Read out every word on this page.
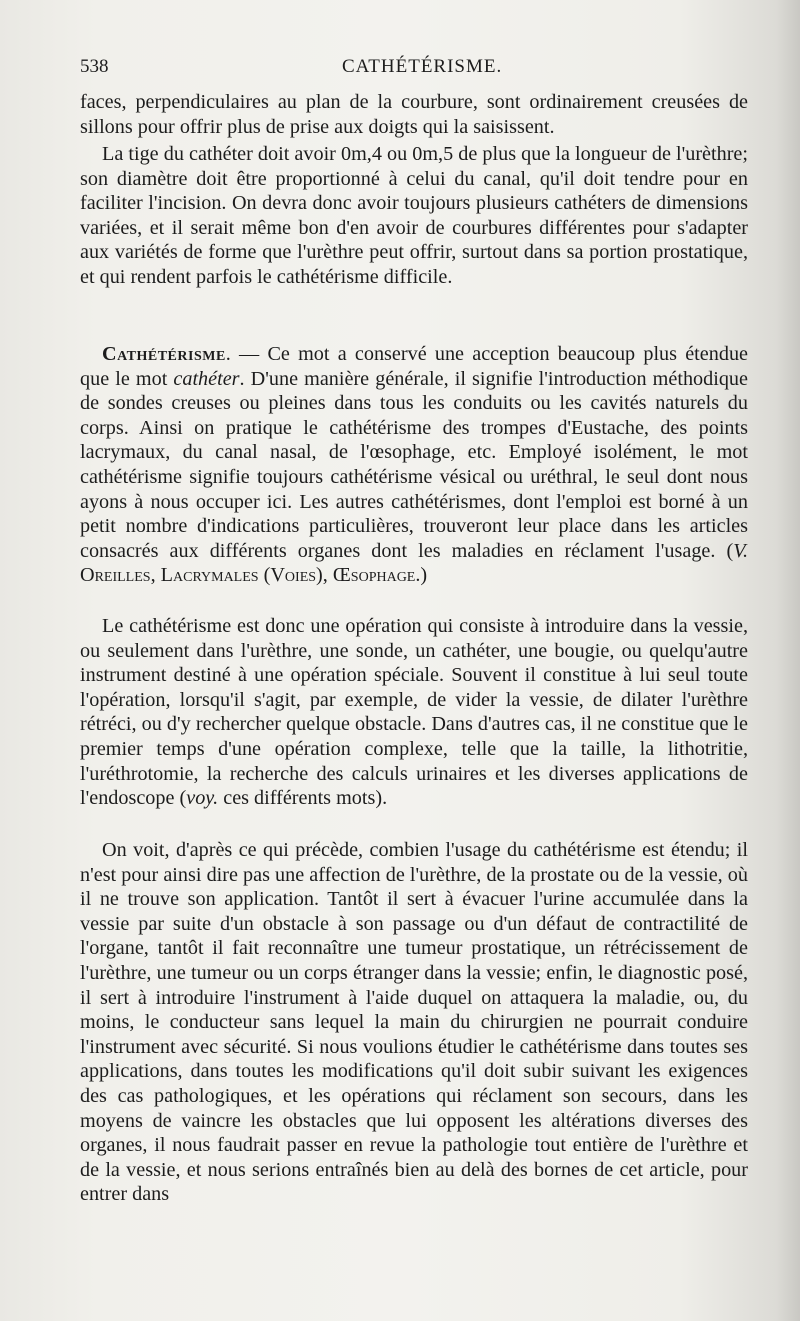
538	CATHÉTÉRISME.

faces, perpendiculaires au plan de la courbure, sont ordinairement creusées de sillons pour offrir plus de prise aux doigts qui la saisissent.

La tige du cathéter doit avoir 0m,4 ou 0m,5 de plus que la longueur de l'urèthre; son diamètre doit être proportionné à celui du canal, qu'il doit tendre pour en faciliter l'incision. On devra donc avoir toujours plusieurs cathéters de dimensions variées, et il serait même bon d'en avoir de courbures différentes pour s'adapter aux variétés de forme que l'urèthre peut offrir, surtout dans sa portion prostatique, et qui rendent parfois le cathétérisme difficile.

Cathétérisme. — Ce mot a conservé une acception beaucoup plus étendue que le mot cathéter. D'une manière générale, il signifie l'introduction méthodique de sondes creuses ou pleines dans tous les conduits ou les cavités naturels du corps. Ainsi on pratique le cathétérisme des trompes d'Eustache, des points lacrymaux, du canal nasal, de l'œsophage, etc. Employé isolément, le mot cathétérisme signifie toujours cathétérisme vésical ou uréthral, le seul dont nous ayons à nous occuper ici. Les autres cathétérismes, dont l'emploi est borné à un petit nombre d'indications particulières, trouveront leur place dans les articles consacrés aux différents organes dont les maladies en réclament l'usage. (V. Oreilles, Lacrymales (Voies), Œsophage.)

Le cathétérisme est donc une opération qui consiste à introduire dans la vessie, ou seulement dans l'urèthre, une sonde, un cathéter, une bougie, ou quelqu'autre instrument destiné à une opération spéciale. Souvent il constitue à lui seul toute l'opération, lorsqu'il s'agit, par exemple, de vider la vessie, de dilater l'urèthre rétréci, ou d'y rechercher quelque obstacle. Dans d'autres cas, il ne constitue que le premier temps d'une opération complexe, telle que la taille, la lithotritie, l'uréthrotomie, la recherche des calculs urinaires et les diverses applications de l'endoscope (voy. ces différents mots).

On voit, d'après ce qui précède, combien l'usage du cathétérisme est étendu; il n'est pour ainsi dire pas une affection de l'urèthre, de la prostate ou de la vessie, où il ne trouve son application. Tantôt il sert à évacuer l'urine accumulée dans la vessie par suite d'un obstacle à son passage ou d'un défaut de contractilité de l'organe, tantôt il fait reconnaître une tumeur prostatique, un rétrécissement de l'urèthre, une tumeur ou un corps étranger dans la vessie; enfin, le diagnostic posé, il sert à introduire l'instrument à l'aide duquel on attaquera la maladie, ou, du moins, le conducteur sans lequel la main du chirurgien ne pourrait conduire l'instrument avec sécurité. Si nous voulions étudier le cathétérisme dans toutes ses applications, dans toutes les modifications qu'il doit subir suivant les exigences des cas pathologiques, et les opérations qui réclament son secours, dans les moyens de vaincre les obstacles que lui opposent les altérations diverses des organes, il nous faudrait passer en revue la pathologie tout entière de l'urèthre et de la vessie, et nous serions entraînés bien au delà des bornes de cet article, pour entrer dans
